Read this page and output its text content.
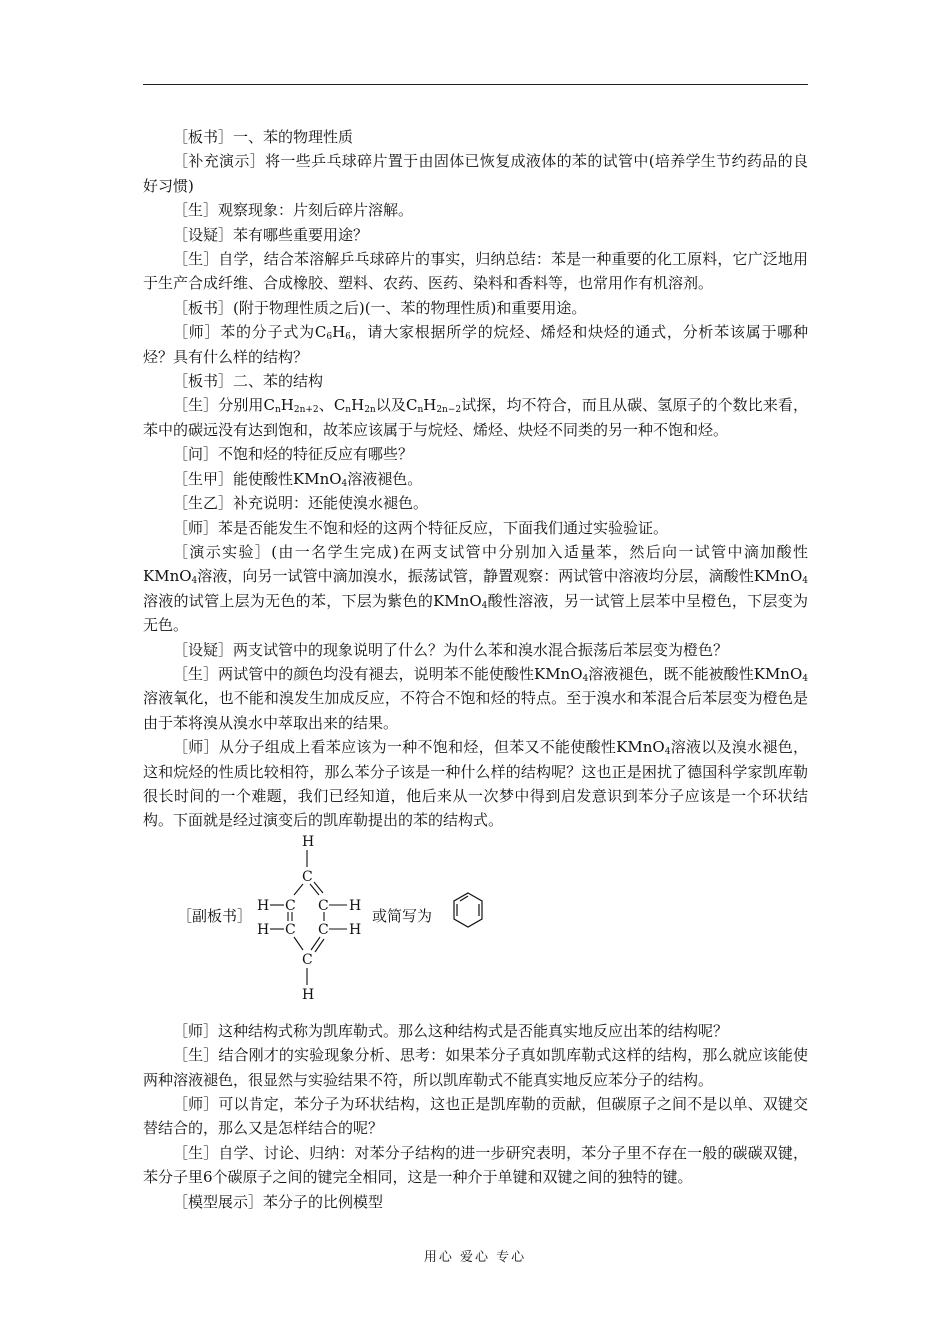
［板书］一、苯的物理性质

［补充演示］将一些乒乓球碎片置于由固体已恢复成液体的苯的试管中(培养学生节约药品的良好习惯)

［生］观察现象：片刻后碎片溶解。

［设疑］苯有哪些重要用途？

［生］自学，结合苯溶解乒乓球碎片的事实，归纳总结：苯是一种重要的化工原料，它广泛地用于生产合成纤维、合成橡胶、塑料、农药、医药、染料和香料等，也常用作有机溶剂。

［板书］(附于物理性质之后)(一、苯的物理性质)和重要用途。

［师］苯的分子式为$C_6H_6$，请大家根据所学的烷烃、烯烃和炔烃的通式，分析苯该属于哪种烃？具有什么样的结构？

［板书］二、苯的结构

［生］分别用$C_nH_{2n+2}$、$C_nH_{2n}$以及$C_nH_{2n-2}$试探，均不符合，而且从碳、氢原子的个数比来看，苯中的碳远没有达到饱和，故苯应该属于与烷烃、烯烃、炔烃不同类的另一种不饱和烃。

［问］不饱和烃的特征反应有哪些？

［生甲］能使酸性KMnO$_4$溶液褪色。

［生乙］补充说明：还能使溴水褪色。

［师］苯是否能发生不饱和烃的这两个特征反应，下面我们通过实验验证。

［演示实验］(由一名学生完成)在两支试管中分别加入适量苯，然后向一试管中滴加酸性KMnO$_4$溶液，向另一试管中滴加溴水，振荡试管，静置观察：两试管中溶液均分层，滴酸性KMnO$_4$溶液的试管上层为无色的苯，下层为紫色的KMnO$_4$酸性溶液，另一试管上层苯中呈橙色，下层变为无色。

［设疑］两支试管中的现象说明了什么？为什么苯和溴水混合振荡后苯层变为橙色？

［生］两试管中的颜色均没有褪去，说明苯不能使酸性KMnO$_4$溶液褪色，既不能被酸性KMnO$_4$溶液氧化，也不能和溴发生加成反应，不符合不饱和烃的特点。至于溴水和苯混合后苯层变为橙色是由于苯将溴从溴水中萃取出来的结果。

［师］从分子组成上看苯应该为一种不饱和烃，但苯又不能使酸性KMnO$_4$溶液以及溴水褪色，这和烷烃的性质比较相符，那么苯分子该是一种什么样的结构呢？这也正是困扰了德国科学家凯库勒很长时间的一个难题，我们已经知道，他后来从一次梦中得到启发意识到苯分子应该是一个环状结构。下面就是经过演变后的凯库勒提出的苯的结构式。

［副板书］
H
C
H C C H
H C C H
C
H
或简写为

［师］这种结构式称为凯库勒式。那么这种结构式是否能真实地反应出苯的结构呢？

［生］结合刚才的实验现象分析、思考：如果苯分子真如凯库勒式这样的结构，那么就应该能使两种溶液褪色，很显然与实验结果不符，所以凯库勒式不能真实地反应苯分子的结构。

［师］可以肯定，苯分子为环状结构，这也正是凯库勒的贡献，但碳原子之间不是以单、双键交替结合的，那么又是怎样结合的呢？

［生］自学、讨论、归纳：对苯分子结构的进一步研究表明，苯分子里不存在一般的碳碳双键，苯分子里6个碳原子之间的键完全相同，这是一种介于单键和双键之间的独特的键。

［模型展示］苯分子的比例模型

用心 爱心 专心
